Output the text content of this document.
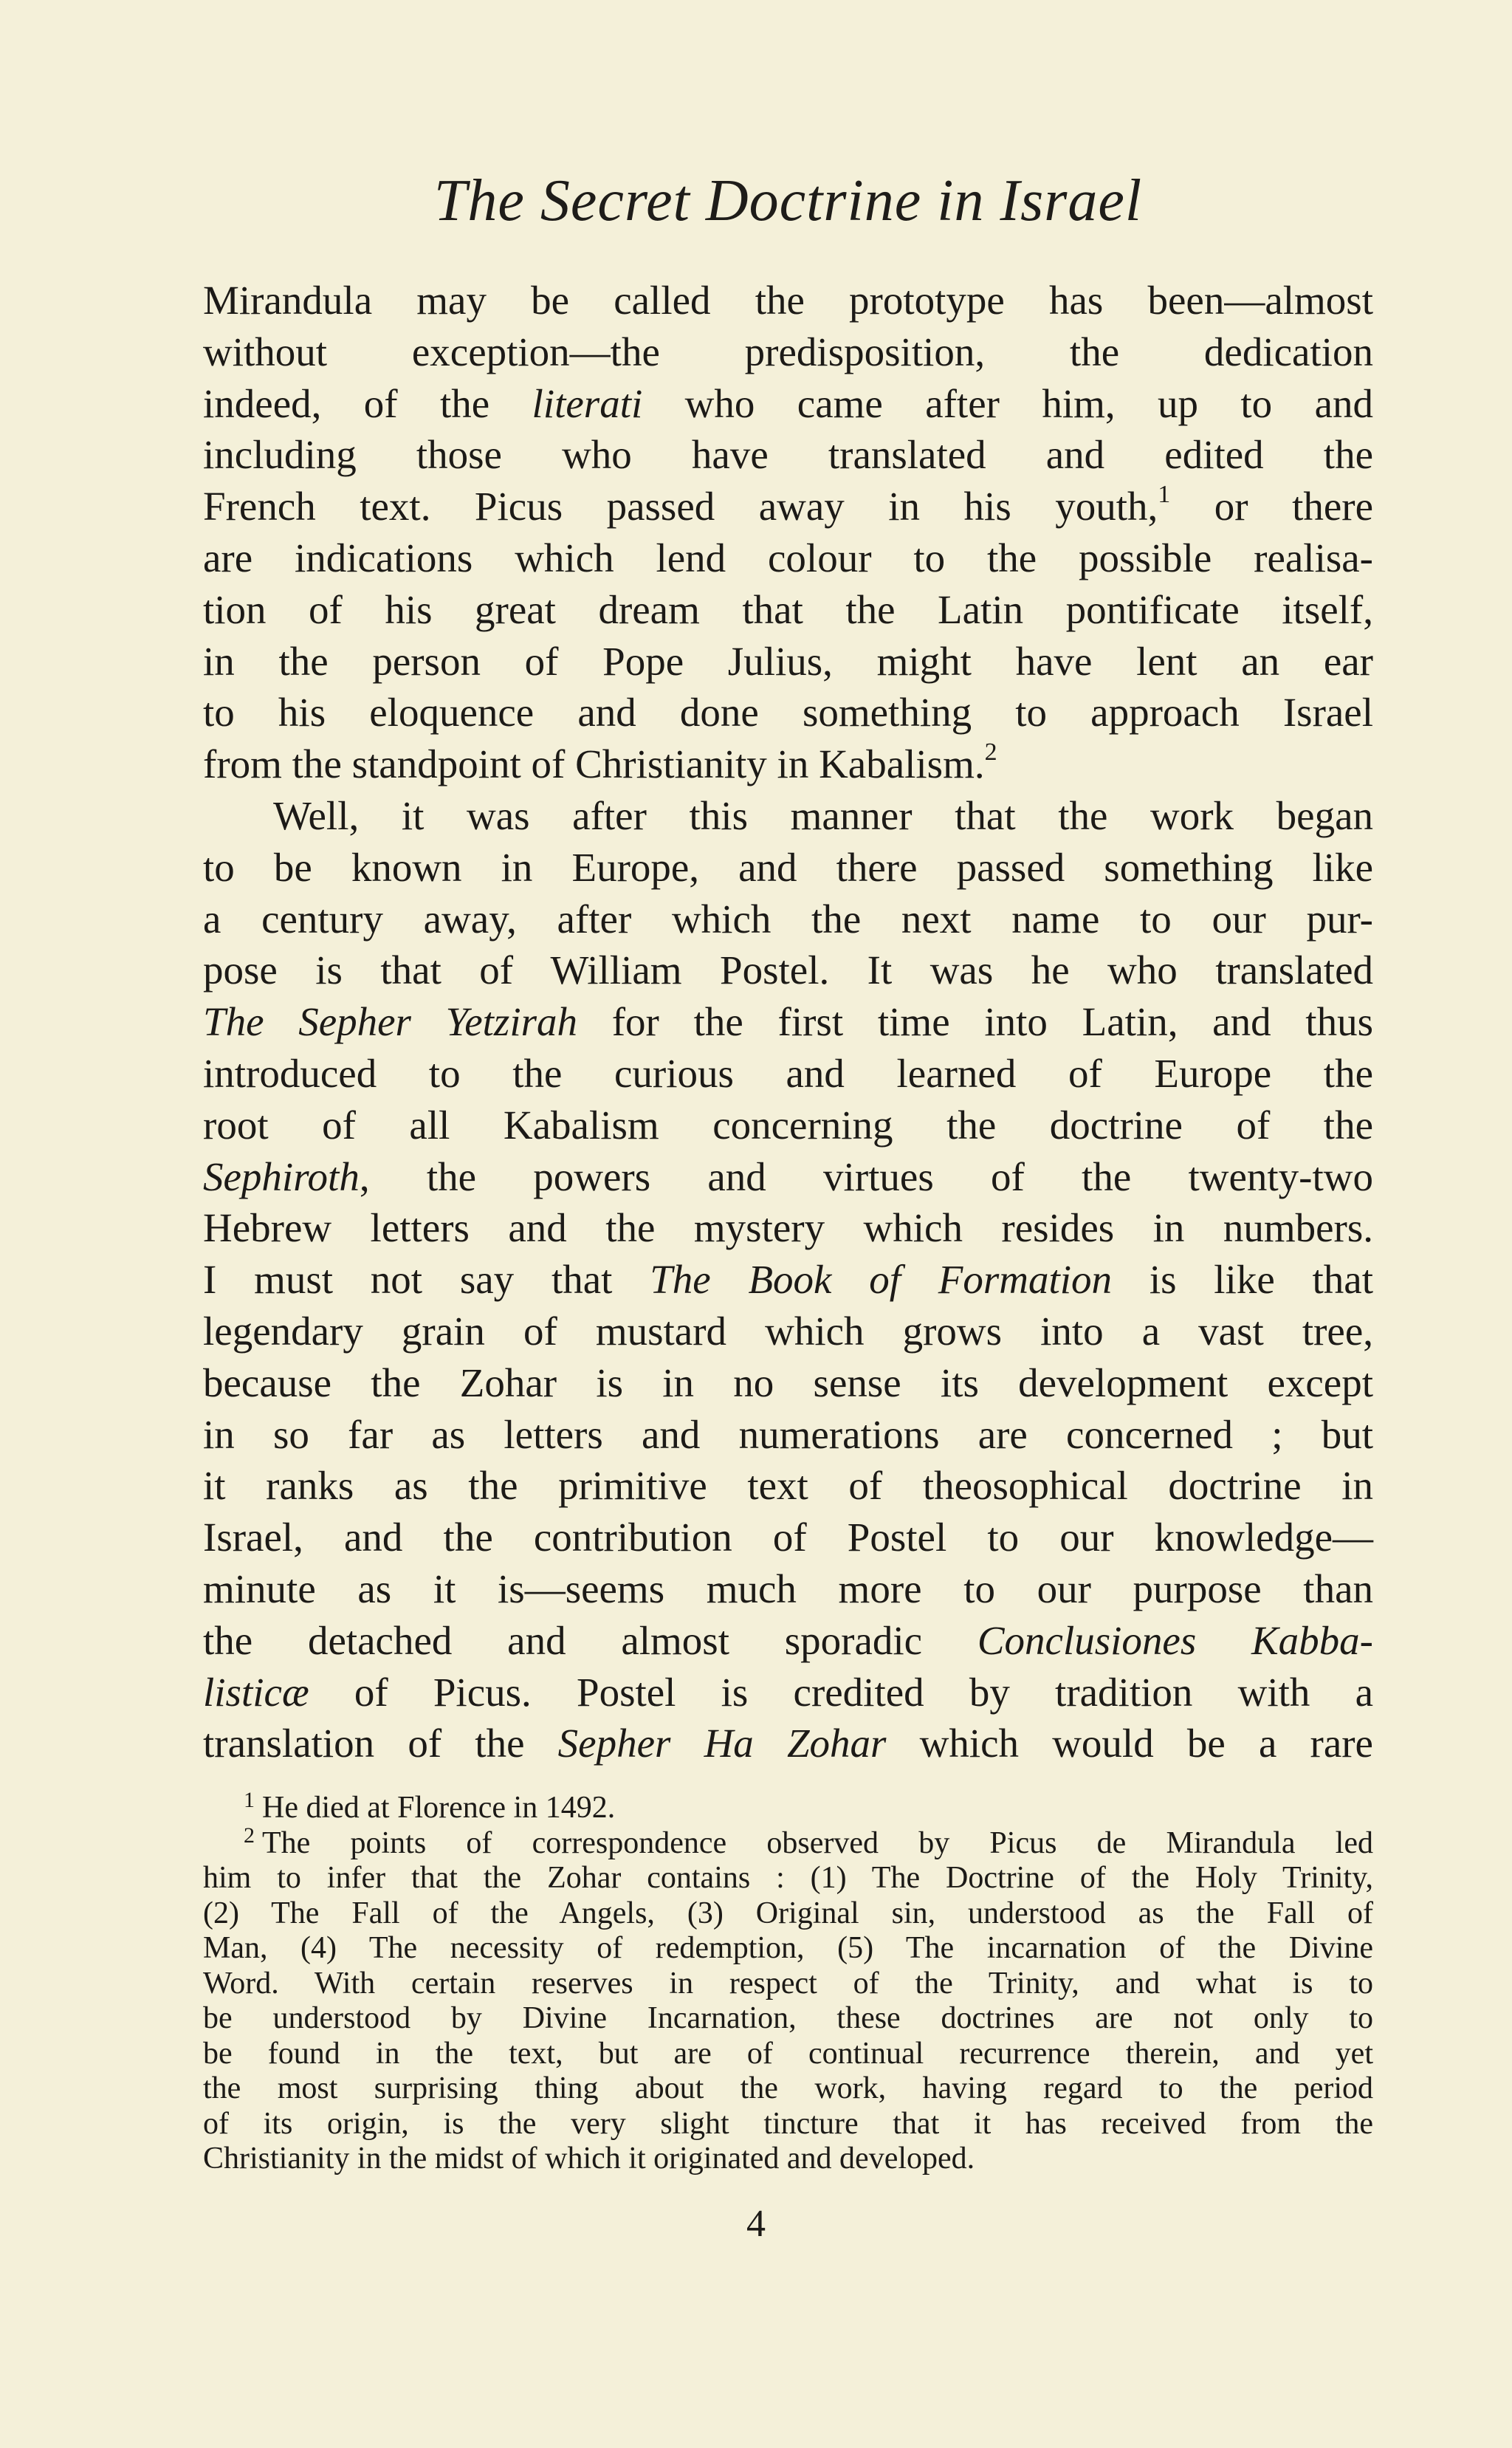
The Secret Doctrine in Israel
Mirandula may be called the prototype has been—almost
without exception—the predisposition, the dedication
indeed, of the literati who came after him, up to and
including those who have translated and edited the
French text. Picus passed away in his youth,$^1$ or there
are indications which lend colour to the possible realisa-
tion of his great dream that the Latin pontificate itself,
in the person of Pope Julius, might have lent an ear
to his eloquence and done something to approach Israel
from the standpoint of Christianity in Kabalism.$^2$
Well, it was after this manner that the work began
to be known in Europe, and there passed something like
a century away, after which the next name to our pur-
pose is that of William Postel. It was he who translated
The Sepher Yetzirah for the first time into Latin, and thus
introduced to the curious and learned of Europe the
root of all Kabalism concerning the doctrine of the
Sephiroth, the powers and virtues of the twenty-two
Hebrew letters and the mystery which resides in numbers.
I must not say that The Book of Formation is like that
legendary grain of mustard which grows into a vast tree,
because the Zohar is in no sense its development except
in so far as letters and numerations are concerned ; but
it ranks as the primitive text of theosophical doctrine in
Israel, and the contribution of Postel to our knowledge—
minute as it is—seems much more to our purpose than
the detached and almost sporadic Conclusiones Kabba-
listicæ of Picus. Postel is credited by tradition with a
translation of the Sepher Ha Zohar which would be a rare
$^1$ He died at Florence in 1492.
$^2$ The points of correspondence observed by Picus de Mirandula led
him to infer that the Zohar contains : (1) The Doctrine of the Holy Trinity,
(2) The Fall of the Angels, (3) Original sin, understood as the Fall of
Man, (4) The necessity of redemption, (5) The incarnation of the Divine
Word. With certain reserves in respect of the Trinity, and what is to
be understood by Divine Incarnation, these doctrines are not only to
be found in the text, but are of continual recurrence therein, and yet
the most surprising thing about the work, having regard to the period
of its origin, is the very slight tincture that it has received from the
Christianity in the midst of which it originated and developed.
4
